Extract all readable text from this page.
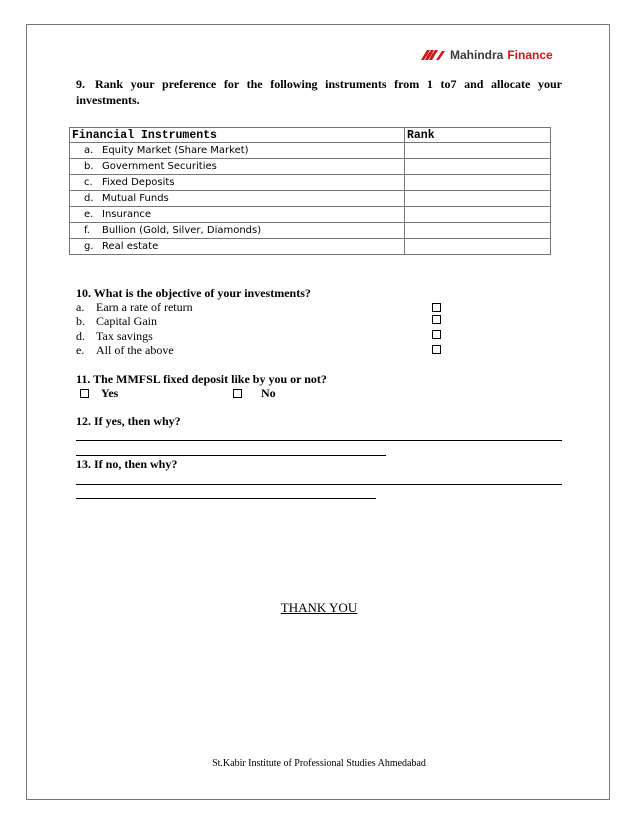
Mahindra Finance
9. Rank your preference for the following instruments from 1 to7 and allocate your investments.
Financial Instruments	Rank
a. Equity Market (Share Market)	
b. Government Securities	
c. Fixed Deposits	
d. Mutual Funds	
e. Insurance	
f. Bullion (Gold, Silver, Diamonds)	
g. Real estate	
10. What is the objective of your investments?
a. Earn a rate of return
b. Capital Gain
d. Tax savings
e. All of the above
11. The MMFSL fixed deposit like by you or not?
Yes	No
12. If yes, then why?
13. If no, then why?
THANK YOU
St.Kabir Institute of Professional Studies Ahmedabad
